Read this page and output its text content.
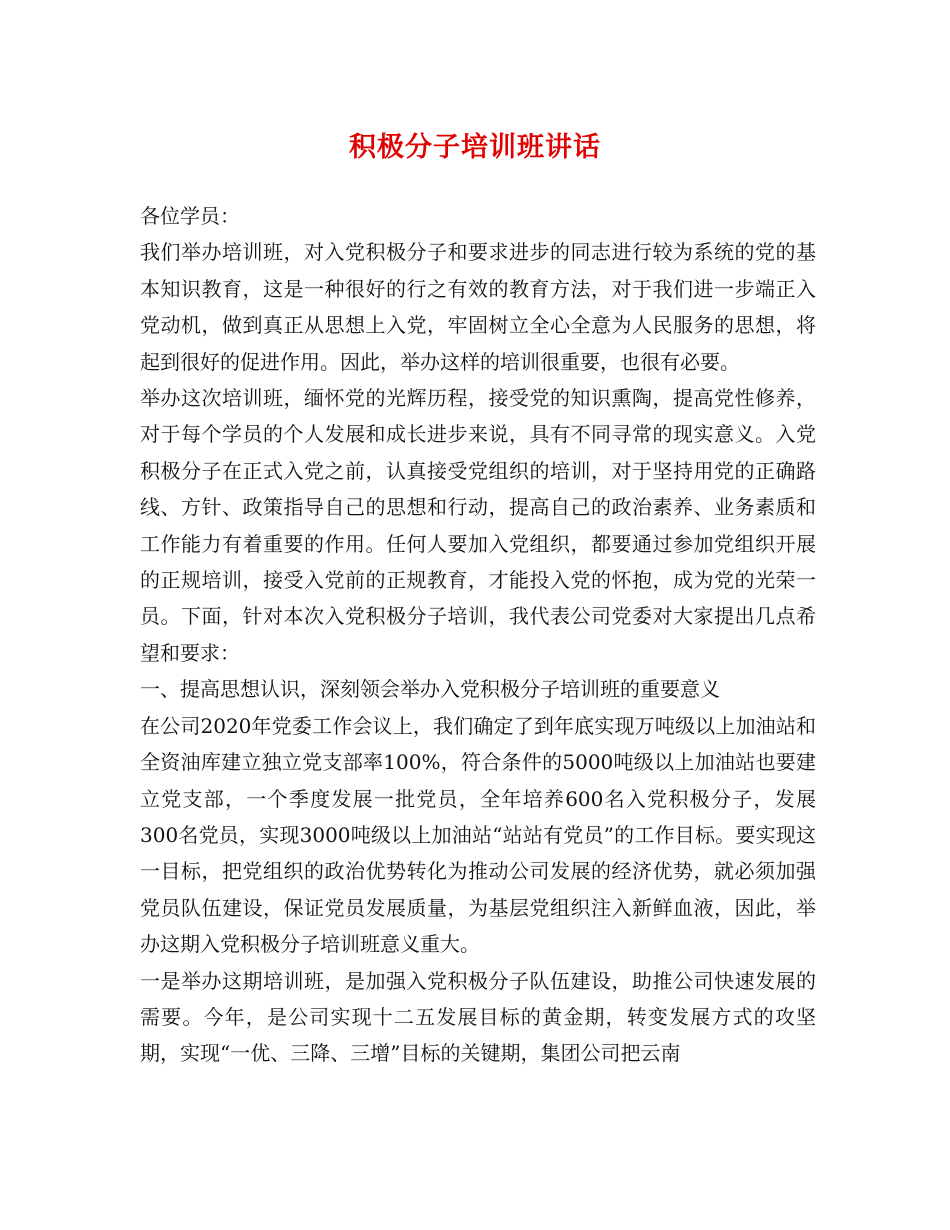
积极分子培训班讲话

各位学员：

我们举办培训班，对入党积极分子和要求进步的同志进行较为系统的党的基本知识教育，这是一种很好的行之有效的教育方法，对于我们进一步端正入党动机，做到真正从思想上入党，牢固树立全心全意为人民服务的思想，将起到很好的促进作用。因此，举办这样的培训很重要，也很有必要。

举办这次培训班，缅怀党的光辉历程，接受党的知识熏陶，提高党性修养，对于每个学员的个人发展和成长进步来说，具有不同寻常的现实意义。入党积极分子在正式入党之前，认真接受党组织的培训，对于坚持用党的正确路线、方针、政策指导自己的思想和行动，提高自己的政治素养、业务素质和工作能力有着重要的作用。任何人要加入党组织，都要通过参加党组织开展的正规培训，接受入党前的正规教育，才能投入党的怀抱，成为党的光荣一员。下面，针对本次入党积极分子培训，我代表公司党委对大家提出几点希望和要求：

一、提高思想认识，深刻领会举办入党积极分子培训班的重要意义

在公司2020年党委工作会议上，我们确定了到年底实现万吨级以上加油站和全资油库建立独立党支部率100%，符合条件的5000吨级以上加油站也要建立党支部，一个季度发展一批党员，全年培养600名入党积极分子，发展300名党员，实现3000吨级以上加油站“站站有党员”的工作目标。要实现这一目标，把党组织的政治优势转化为推动公司发展的经济优势，就必须加强党员队伍建设，保证党员发展质量，为基层党组织注入新鲜血液，因此，举办这期入党积极分子培训班意义重大。

一是举办这期培训班，是加强入党积极分子队伍建设，助推公司快速发展的需要。今年，是公司实现十二五发展目标的黄金期，转变发展方式的攻坚期，实现“一优、三降、三增”目标的关键期，集团公司把云南
